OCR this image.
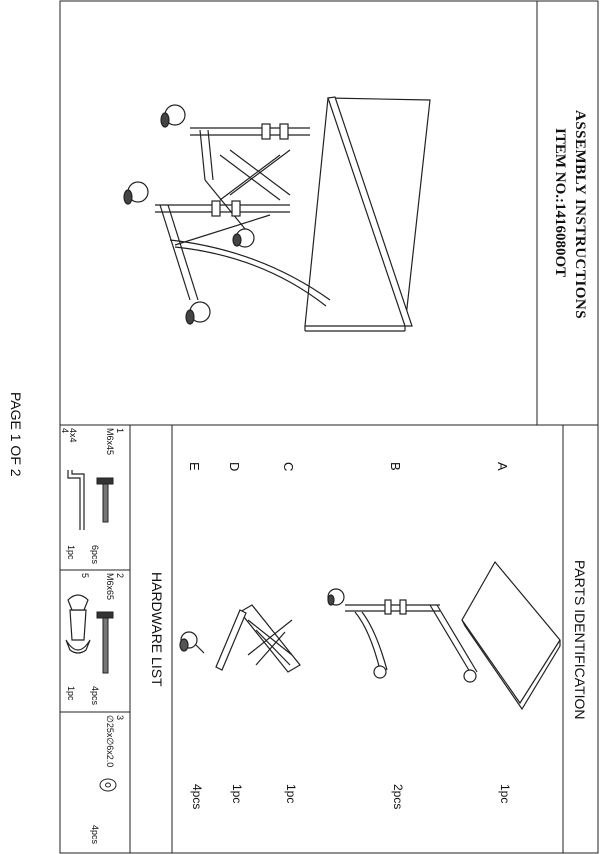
ASSEMBLY INSTRUCTIONS
ITEM NO.:1416080OT
PAGE 1 OF 2
PARTS IDENTIFICATION
A
B
C
D
E
1pc
2pcs
1pc
1pc
4pcs
HARDWARE LIST
1
M6x45
6pcs
2
M6x65
4pcs
3
∅25x∅6x2.0
4pcs
4
4x4
1pc
5
1pc
